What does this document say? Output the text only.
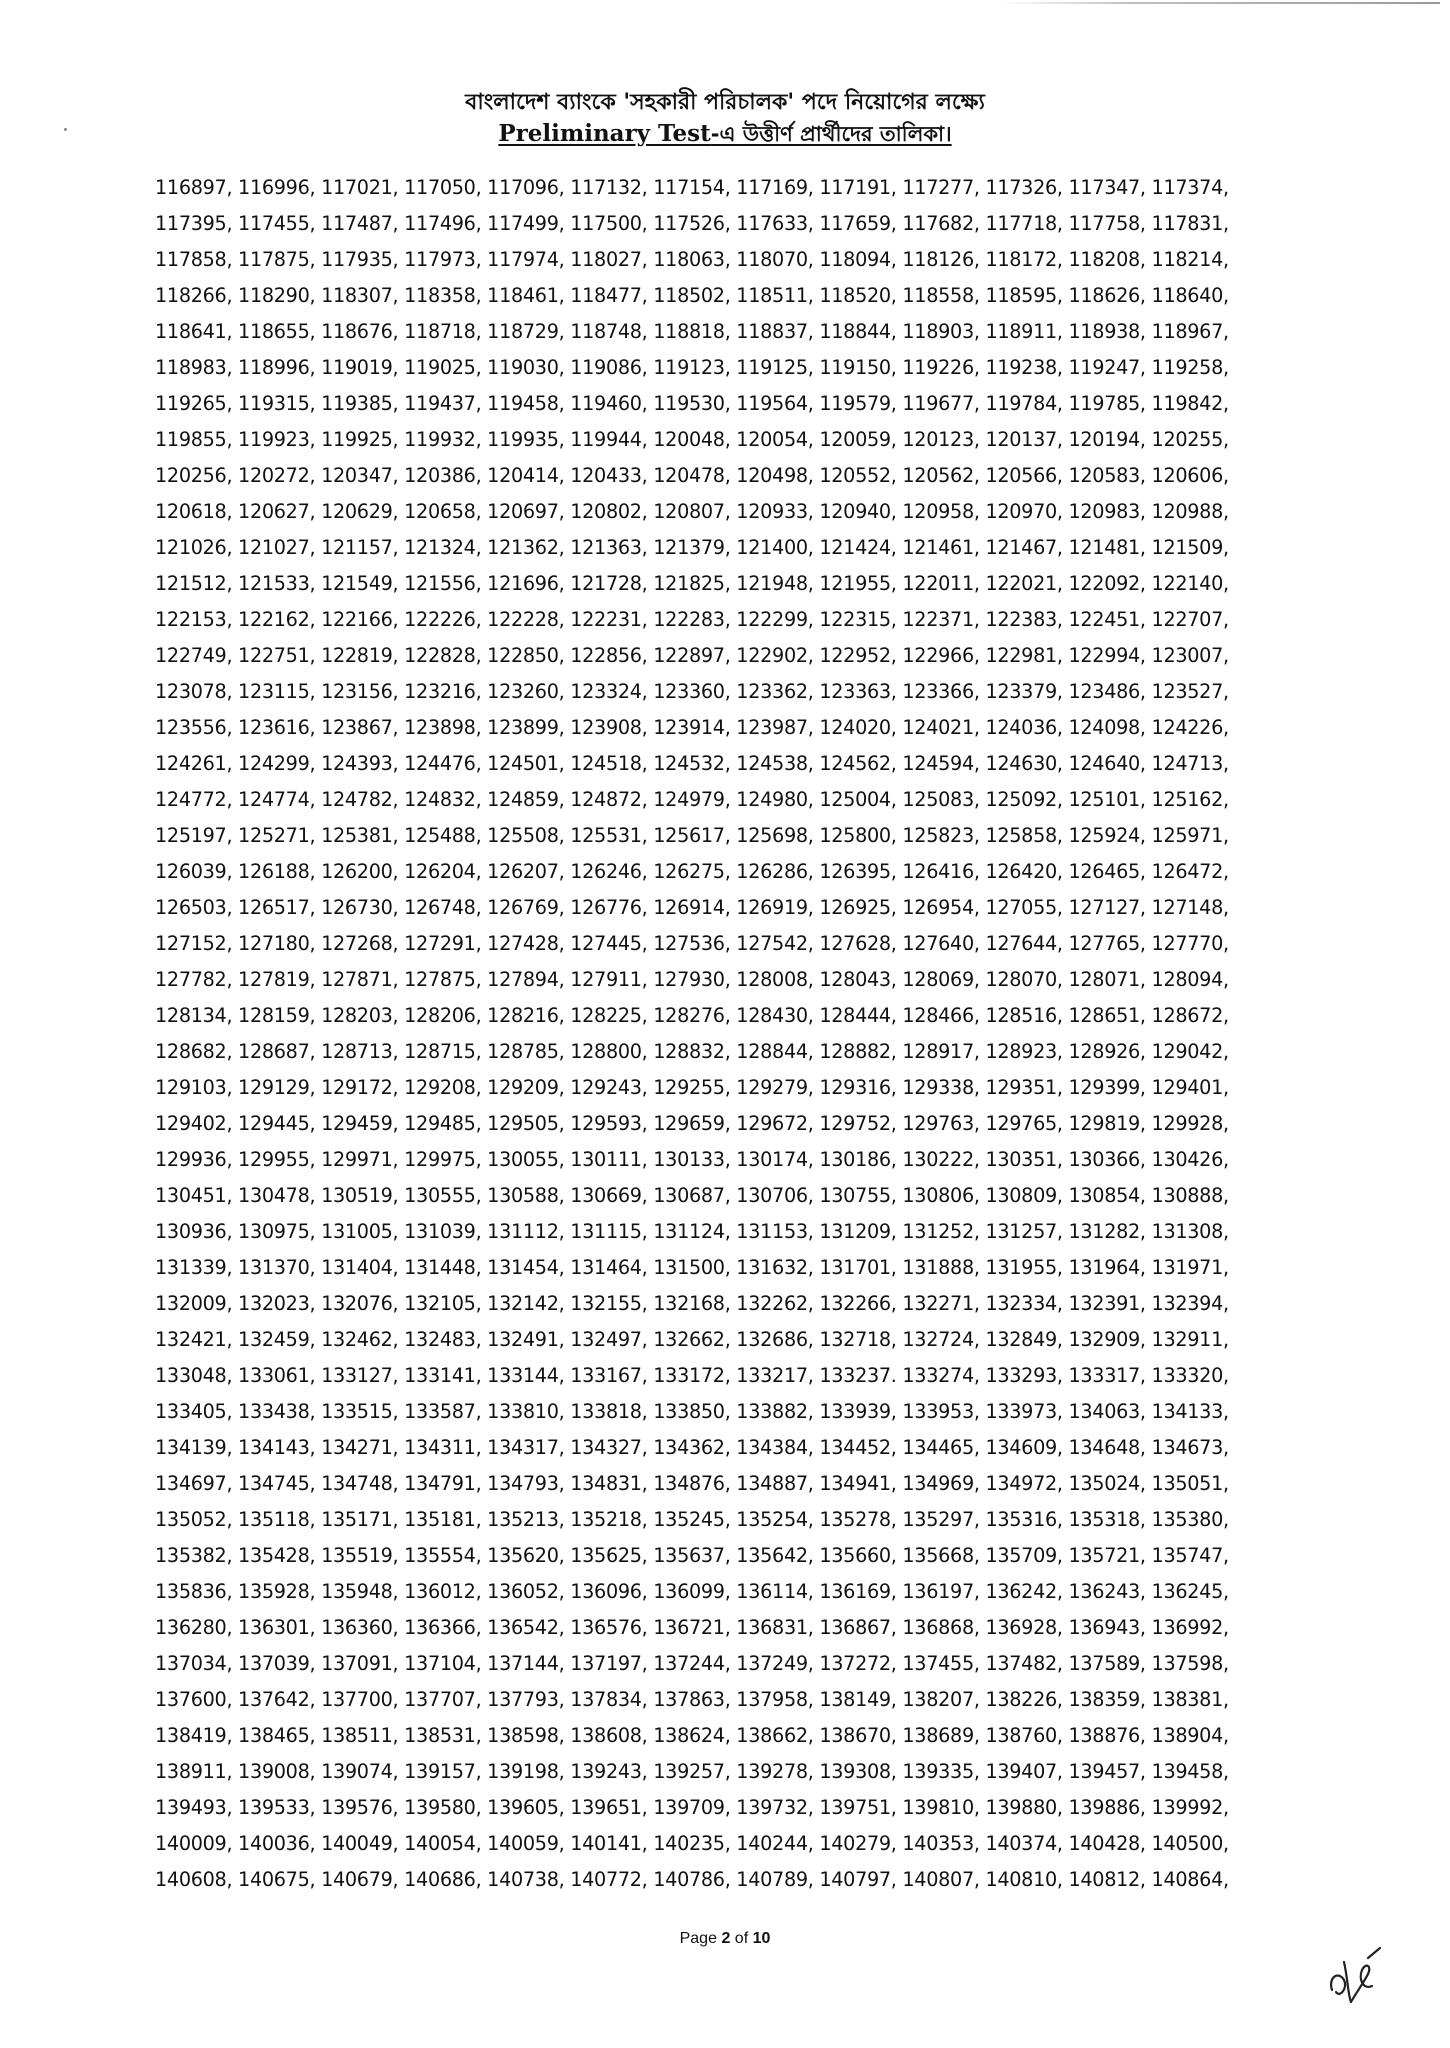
বাংলাদেশ ব্যাংকে 'সহকারী পরিচালক' পদে নিয়োগের লক্ষ্যে
Preliminary Test-এ উত্তীর্ণ প্রার্থীদের তালিকা।
116897, 116996, 117021, 117050, 117096, 117132, 117154, 117169, 117191, 117277, 117326, 117347, 117374,
117395, 117455, 117487, 117496, 117499, 117500, 117526, 117633, 117659, 117682, 117718, 117758, 117831,
117858, 117875, 117935, 117973, 117974, 118027, 118063, 118070, 118094, 118126, 118172, 118208, 118214,
118266, 118290, 118307, 118358, 118461, 118477, 118502, 118511, 118520, 118558, 118595, 118626, 118640,
118641, 118655, 118676, 118718, 118729, 118748, 118818, 118837, 118844, 118903, 118911, 118938, 118967,
118983, 118996, 119019, 119025, 119030, 119086, 119123, 119125, 119150, 119226, 119238, 119247, 119258,
119265, 119315, 119385, 119437, 119458, 119460, 119530, 119564, 119579, 119677, 119784, 119785, 119842,
119855, 119923, 119925, 119932, 119935, 119944, 120048, 120054, 120059, 120123, 120137, 120194, 120255,
120256, 120272, 120347, 120386, 120414, 120433, 120478, 120498, 120552, 120562, 120566, 120583, 120606,
120618, 120627, 120629, 120658, 120697, 120802, 120807, 120933, 120940, 120958, 120970, 120983, 120988,
121026, 121027, 121157, 121324, 121362, 121363, 121379, 121400, 121424, 121461, 121467, 121481, 121509,
121512, 121533, 121549, 121556, 121696, 121728, 121825, 121948, 121955, 122011, 122021, 122092, 122140,
122153, 122162, 122166, 122226, 122228, 122231, 122283, 122299, 122315, 122371, 122383, 122451, 122707,
122749, 122751, 122819, 122828, 122850, 122856, 122897, 122902, 122952, 122966, 122981, 122994, 123007,
123078, 123115, 123156, 123216, 123260, 123324, 123360, 123362, 123363, 123366, 123379, 123486, 123527,
123556, 123616, 123867, 123898, 123899, 123908, 123914, 123987, 124020, 124021, 124036, 124098, 124226,
124261, 124299, 124393, 124476, 124501, 124518, 124532, 124538, 124562, 124594, 124630, 124640, 124713,
124772, 124774, 124782, 124832, 124859, 124872, 124979, 124980, 125004, 125083, 125092, 125101, 125162,
125197, 125271, 125381, 125488, 125508, 125531, 125617, 125698, 125800, 125823, 125858, 125924, 125971,
126039, 126188, 126200, 126204, 126207, 126246, 126275, 126286, 126395, 126416, 126420, 126465, 126472,
126503, 126517, 126730, 126748, 126769, 126776, 126914, 126919, 126925, 126954, 127055, 127127, 127148,
127152, 127180, 127268, 127291, 127428, 127445, 127536, 127542, 127628, 127640, 127644, 127765, 127770,
127782, 127819, 127871, 127875, 127894, 127911, 127930, 128008, 128043, 128069, 128070, 128071, 128094,
128134, 128159, 128203, 128206, 128216, 128225, 128276, 128430, 128444, 128466, 128516, 128651, 128672,
128682, 128687, 128713, 128715, 128785, 128800, 128832, 128844, 128882, 128917, 128923, 128926, 129042,
129103, 129129, 129172, 129208, 129209, 129243, 129255, 129279, 129316, 129338, 129351, 129399, 129401,
129402, 129445, 129459, 129485, 129505, 129593, 129659, 129672, 129752, 129763, 129765, 129819, 129928,
129936, 129955, 129971, 129975, 130055, 130111, 130133, 130174, 130186, 130222, 130351, 130366, 130426,
130451, 130478, 130519, 130555, 130588, 130669, 130687, 130706, 130755, 130806, 130809, 130854, 130888,
130936, 130975, 131005, 131039, 131112, 131115, 131124, 131153, 131209, 131252, 131257, 131282, 131308,
131339, 131370, 131404, 131448, 131454, 131464, 131500, 131632, 131701, 131888, 131955, 131964, 131971,
132009, 132023, 132076, 132105, 132142, 132155, 132168, 132262, 132266, 132271, 132334, 132391, 132394,
132421, 132459, 132462, 132483, 132491, 132497, 132662, 132686, 132718, 132724, 132849, 132909, 132911,
133048, 133061, 133127, 133141, 133144, 133167, 133172, 133217, 133237. 133274, 133293, 133317, 133320,
133405, 133438, 133515, 133587, 133810, 133818, 133850, 133882, 133939, 133953, 133973, 134063, 134133,
134139, 134143, 134271, 134311, 134317, 134327, 134362, 134384, 134452, 134465, 134609, 134648, 134673,
134697, 134745, 134748, 134791, 134793, 134831, 134876, 134887, 134941, 134969, 134972, 135024, 135051,
135052, 135118, 135171, 135181, 135213, 135218, 135245, 135254, 135278, 135297, 135316, 135318, 135380,
135382, 135428, 135519, 135554, 135620, 135625, 135637, 135642, 135660, 135668, 135709, 135721, 135747,
135836, 135928, 135948, 136012, 136052, 136096, 136099, 136114, 136169, 136197, 136242, 136243, 136245,
136280, 136301, 136360, 136366, 136542, 136576, 136721, 136831, 136867, 136868, 136928, 136943, 136992,
137034, 137039, 137091, 137104, 137144, 137197, 137244, 137249, 137272, 137455, 137482, 137589, 137598,
137600, 137642, 137700, 137707, 137793, 137834, 137863, 137958, 138149, 138207, 138226, 138359, 138381,
138419, 138465, 138511, 138531, 138598, 138608, 138624, 138662, 138670, 138689, 138760, 138876, 138904,
138911, 139008, 139074, 139157, 139198, 139243, 139257, 139278, 139308, 139335, 139407, 139457, 139458,
139493, 139533, 139576, 139580, 139605, 139651, 139709, 139732, 139751, 139810, 139880, 139886, 139992,
140009, 140036, 140049, 140054, 140059, 140141, 140235, 140244, 140279, 140353, 140374, 140428, 140500,
140608, 140675, 140679, 140686, 140738, 140772, 140786, 140789, 140797, 140807, 140810, 140812, 140864,
Page 2 of 10
